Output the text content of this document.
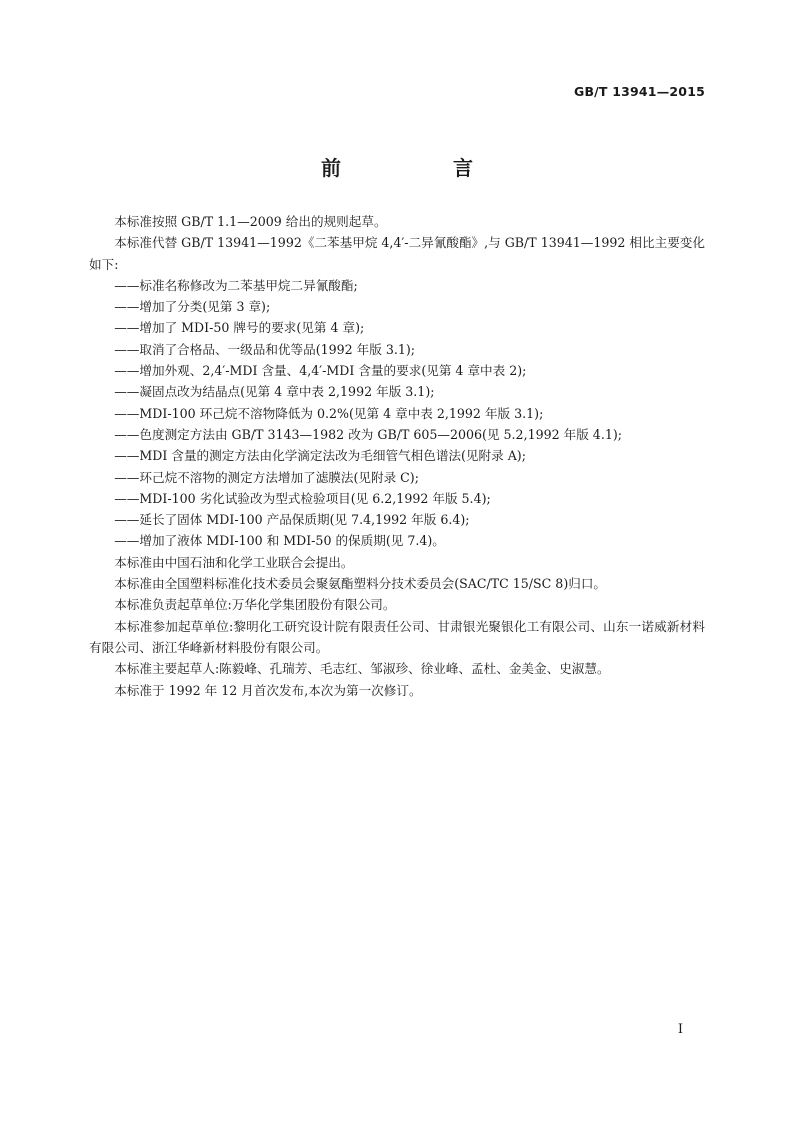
GB/T 13941—2015
前　言

本标准按照 GB/T 1.1—2009 给出的规则起草。

本标准代替 GB/T 13941—1992《二苯基甲烷 4,4′-二异氰酸酯》,与 GB/T 13941—1992 相比主要变化如下:

——标准名称修改为二苯基甲烷二异氰酸酯;

——增加了分类(见第 3 章);

——增加了 MDI-50 牌号的要求(见第 4 章);

——取消了合格品、一级品和优等品(1992 年版 3.1);

——增加外观、2,4′-MDI 含量、4,4′-MDI 含量的要求(见第 4 章中表 2);

——凝固点改为结晶点(见第 4 章中表 2,1992 年版 3.1);

——MDI-100 环己烷不溶物降低为 0.2%(见第 4 章中表 2,1992 年版 3.1);

——色度测定方法由 GB/T 3143—1982 改为 GB/T 605—2006(见 5.2,1992 年版 4.1);

——MDI 含量的测定方法由化学滴定法改为毛细管气相色谱法(见附录 A);

——环己烷不溶物的测定方法增加了滤膜法(见附录 C);

——MDI-100 劣化试验改为型式检验项目(见 6.2,1992 年版 5.4);

——延长了固体 MDI-100 产品保质期(见 7.4,1992 年版 6.4);

——增加了液体 MDI-100 和 MDI-50 的保质期(见 7.4)。

本标准由中国石油和化学工业联合会提出。

本标准由全国塑料标准化技术委员会聚氨酯塑料分技术委员会(SAC/TC 15/SC 8)归口。

本标准负责起草单位:万华化学集团股份有限公司。

本标准参加起草单位:黎明化工研究设计院有限责任公司、甘肃银光聚银化工有限公司、山东一诺威新材料有限公司、浙江华峰新材料股份有限公司。

本标准主要起草人:陈毅峰、孔瑞芳、毛志红、邹淑珍、徐业峰、孟杜、金美金、史淑慧。

本标准于 1992 年 12 月首次发布,本次为第一次修订。

I
